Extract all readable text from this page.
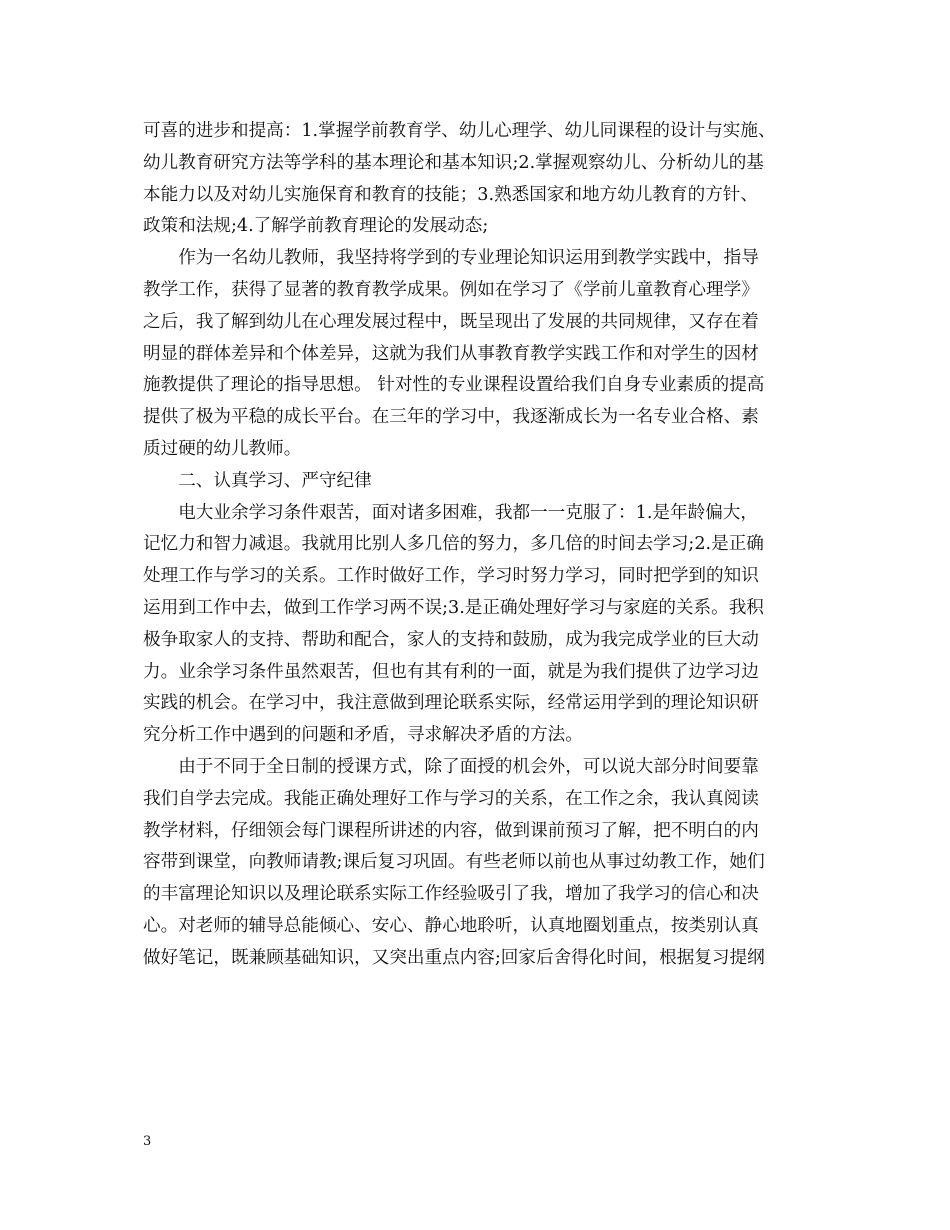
可喜的进步和提高：1.掌握学前教育学、幼儿心理学、幼儿同课程的设计与实施、
幼儿教育研究方法等学科的基本理论和基本知识;2.掌握观察幼儿、分析幼儿的基
本能力以及对幼儿实施保育和教育的技能；3.熟悉国家和地方幼儿教育的方针、
政策和法规;4.了解学前教育理论的发展动态;

　　作为一名幼儿教师，我坚持将学到的专业理论知识运用到教学实践中，指导
教学工作，获得了显著的教育教学成果。例如在学习了《学前儿童教育心理学》
之后，我了解到幼儿在心理发展过程中，既呈现出了发展的共同规律，又存在着
明显的群体差异和个体差异，这就为我们从事教育教学实践工作和对学生的因材
施教提供了理论的指导思想。 针对性的专业课程设置给我们自身专业素质的提高
提供了极为平稳的成长平台。在三年的学习中，我逐渐成长为一名专业合格、素
质过硬的幼儿教师。

　　二、认真学习、严守纪律

　　电大业余学习条件艰苦，面对诸多困难，我都一一克服了：1.是年龄偏大，
记忆力和智力减退。我就用比别人多几倍的努力，多几倍的时间去学习;2.是正确
处理工作与学习的关系。工作时做好工作，学习时努力学习，同时把学到的知识
运用到工作中去，做到工作学习两不误;3.是正确处理好学习与家庭的关系。我积
极争取家人的支持、帮助和配合，家人的支持和鼓励，成为我完成学业的巨大动
力。业余学习条件虽然艰苦，但也有其有利的一面，就是为我们提供了边学习边
实践的机会。在学习中，我注意做到理论联系实际，经常运用学到的理论知识研
究分析工作中遇到的问题和矛盾，寻求解决矛盾的方法。

　　由于不同于全日制的授课方式，除了面授的机会外，可以说大部分时间要靠
我们自学去完成。我能正确处理好工作与学习的关系，在工作之余，我认真阅读
教学材料，仔细领会每门课程所讲述的内容，做到课前预习了解，把不明白的内
容带到课堂，向教师请教;课后复习巩固。有些老师以前也从事过幼教工作，她们
的丰富理论知识以及理论联系实际工作经验吸引了我，增加了我学习的信心和决
心。对老师的辅导总能倾心、安心、静心地聆听，认真地圈划重点，按类别认真
做好笔记，既兼顾基础知识，又突出重点内容;回家后舍得化时间，根据复习提纲

3
